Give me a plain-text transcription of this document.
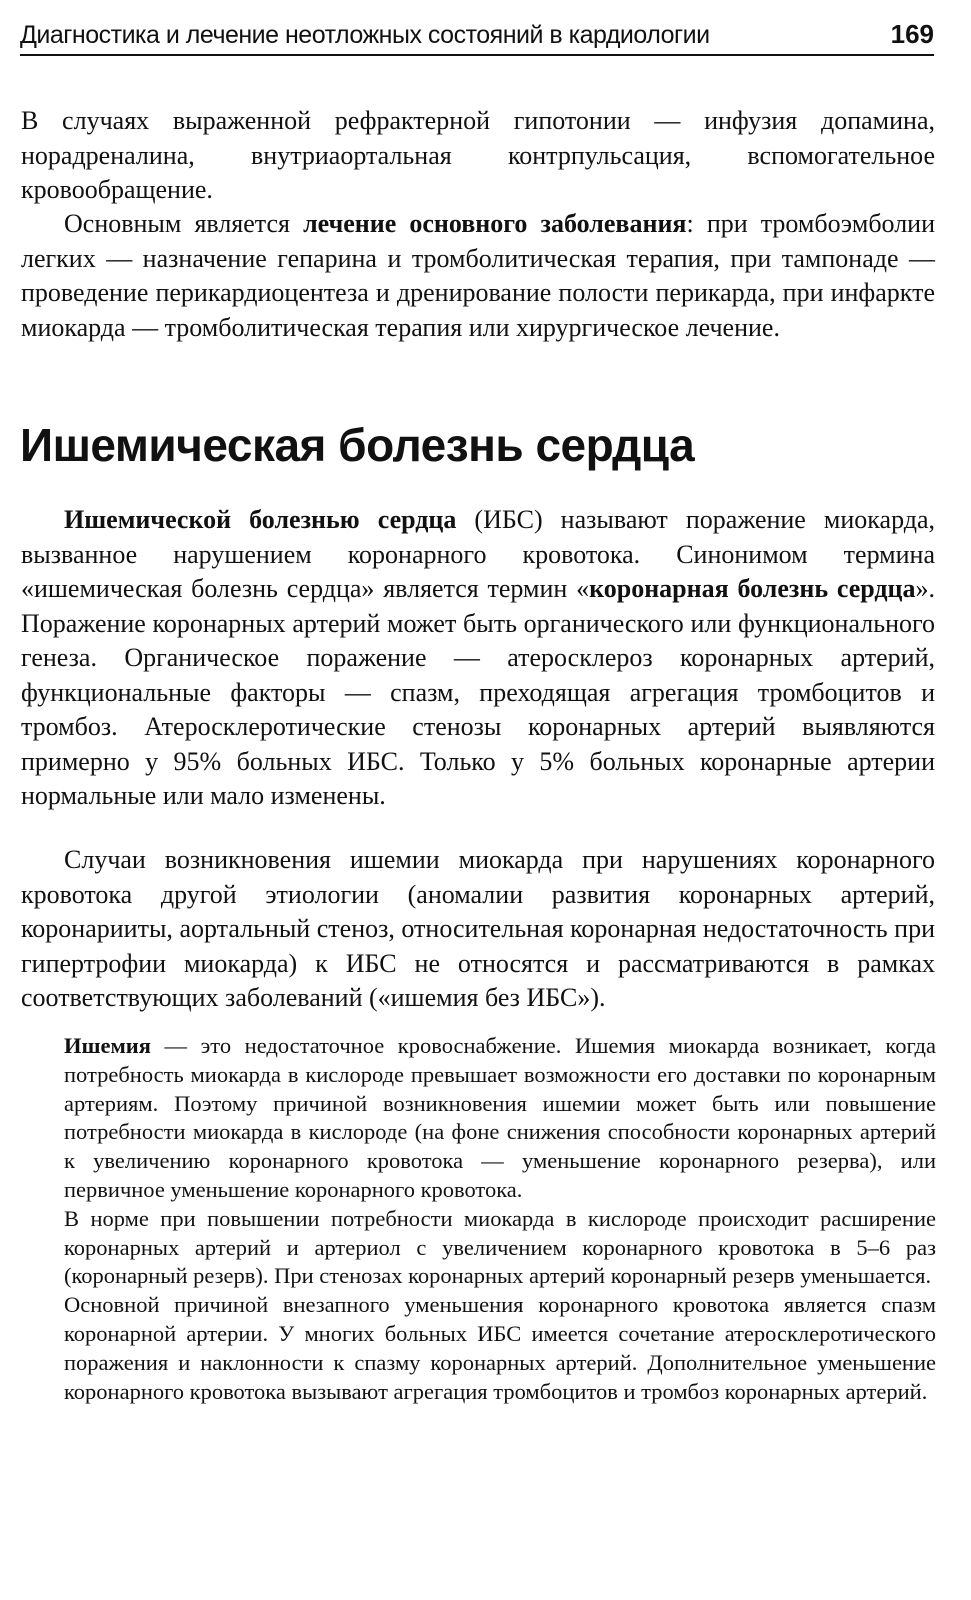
Диагностика и лечение неотложных состояний в кардиологии	169

В случаях выраженной рефрактерной гипотонии — инфузия допамина, норадреналина, внутриаортальная контрпульсация, вспомогательное кровообращение.

Основным является лечение основного заболевания: при тромбоэмболии легких — назначение гепарина и тромболитическая терапия, при тампонаде — проведение перикардиоцентеза и дренирование полости перикарда, при инфаркте миокарда — тромболитическая терапия или хирургическое лечение.

Ишемическая болезнь сердца

Ишемической болезнью сердца (ИБС) называют поражение миокарда, вызванное нарушением коронарного кровотока. Синонимом термина «ишемическая болезнь сердца» является термин «коронарная болезнь сердца». Поражение коронарных артерий может быть органического или функционального генеза. Органическое поражение — атеросклероз коронарных артерий, функциональные факторы — спазм, преходящая агрегация тромбоцитов и тромбоз. Атеросклеротические стенозы коронарных артерий выявляются примерно у 95% больных ИБС. Только у 5% больных коронарные артерии нормальные или мало изменены.

Случаи возникновения ишемии миокарда при нарушениях коронарного кровотока другой этиологии (аномалии развития коронарных артерий, коронарииты, аортальный стеноз, относительная коронарная недостаточность при гипертрофии миокарда) к ИБС не относятся и рассматриваются в рамках соответствующих заболеваний («ишемия без ИБС»).

Ишемия — это недостаточное кровоснабжение. Ишемия миокарда возникает, когда потребность миокарда в кислороде превышает возможности его доставки по коронарным артериям. Поэтому причиной возникновения ишемии может быть или повышение потребности миокарда в кислороде (на фоне снижения способности коронарных артерий к увеличению коронарного кровотока — уменьшение коронарного резерва), или первичное уменьшение коронарного кровотока.

В норме при повышении потребности миокарда в кислороде происходит расширение коронарных артерий и артериол с увеличением коронарного кровотока в 5–6 раз (коронарный резерв). При стенозах коронарных артерий коронарный резерв уменьшается.

Основной причиной внезапного уменьшения коронарного кровотока является спазм коронарной артерии. У многих больных ИБС имеется сочетание атеросклеротического поражения и наклонности к спазму коронарных артерий. Дополнительное уменьшение коронарного кровотока вызывают агрегация тромбоцитов и тромбоз коронарных артерий.
